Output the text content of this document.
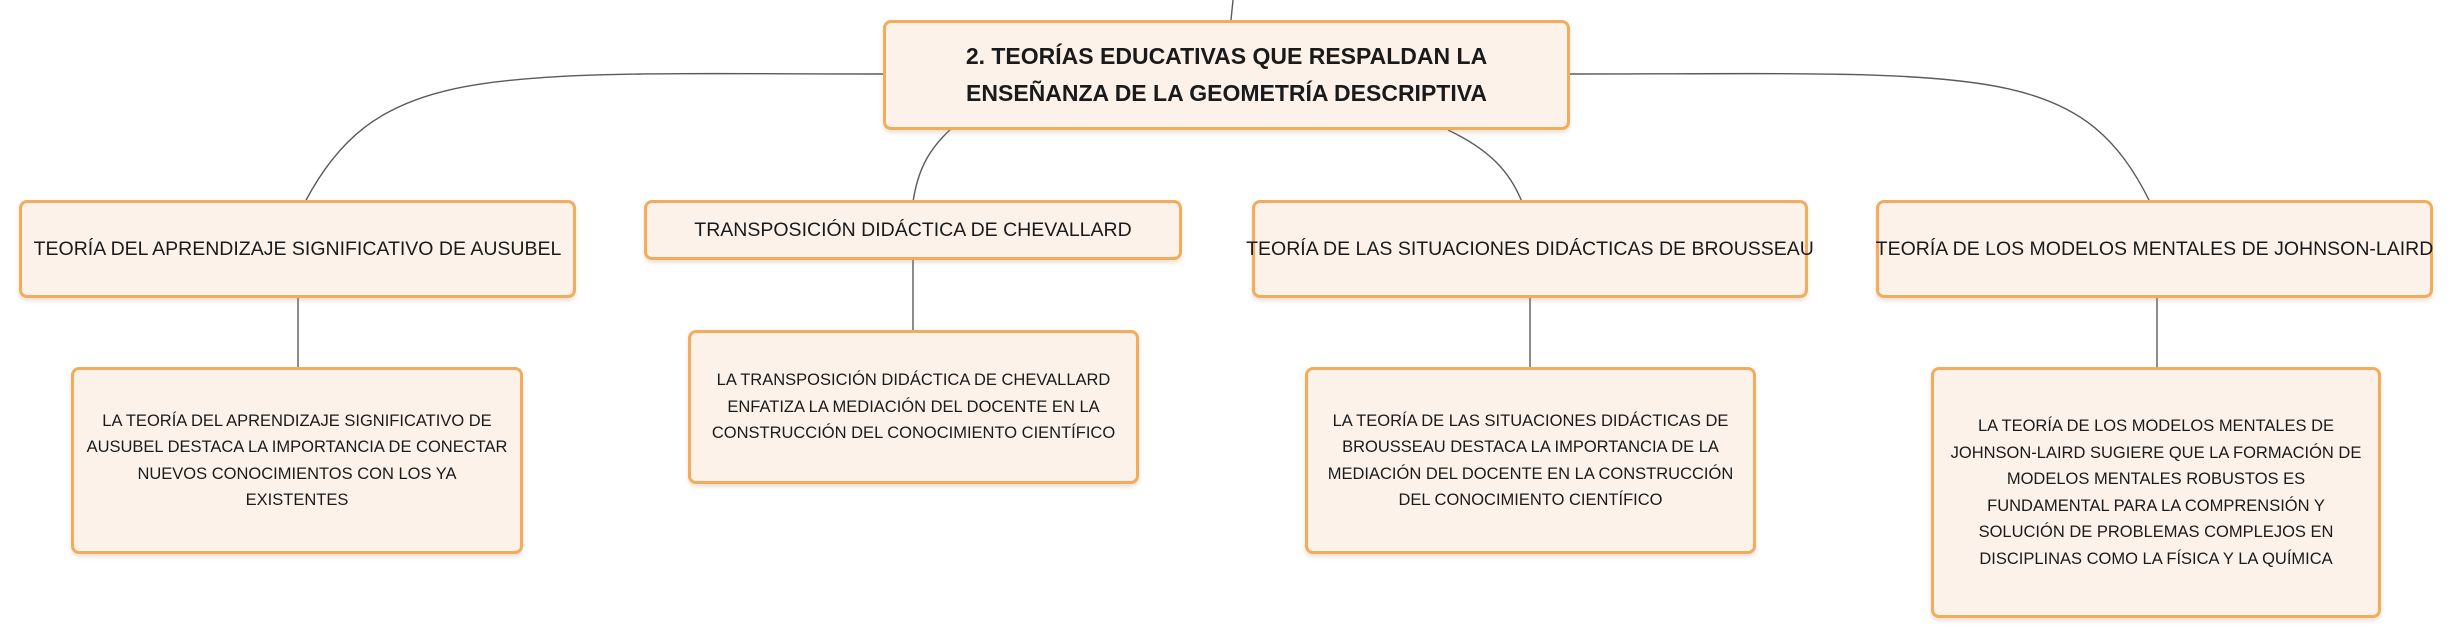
2. TEORÍAS EDUCATIVAS QUE RESPALDAN LA ENSEÑANZA DE LA GEOMETRÍA DESCRIPTIVA
TEORÍA DEL APRENDIZAJE SIGNIFICATIVO DE AUSUBEL
TRANSPOSICIÓN DIDÁCTICA DE CHEVALLARD
TEORÍA DE LAS SITUACIONES DIDÁCTICAS DE BROUSSEAU	TEORÍA DE LOS MODELOS MENTALES DE JOHNSON-LAIRD
LA TEORÍA DEL APRENDIZAJE SIGNIFICATIVO DE AUSUBEL DESTACA LA IMPORTANCIA DE CONECTAR NUEVOS CONOCIMIENTOS CON LOS YA EXISTENTES
LA TRANSPOSICIÓN DIDÁCTICA DE CHEVALLARD ENFATIZA LA MEDIACIÓN DEL DOCENTE EN LA CONSTRUCCIÓN DEL CONOCIMIENTO CIENTÍFICO
LA TEORÍA DE LAS SITUACIONES DIDÁCTICAS DE BROUSSEAU DESTACA LA IMPORTANCIA DE LA MEDIACIÓN DEL DOCENTE EN LA CONSTRUCCIÓN DEL CONOCIMIENTO CIENTÍFICO
LA TEORÍA DE LOS MODELOS MENTALES DE JOHNSON-LAIRD SUGIERE QUE LA FORMACIÓN DE MODELOS MENTALES ROBUSTOS ES FUNDAMENTAL PARA LA COMPRENSIÓN Y SOLUCIÓN DE PROBLEMAS COMPLEJOS EN DISCIPLINAS COMO LA FÍSICA Y LA QUÍMICA
